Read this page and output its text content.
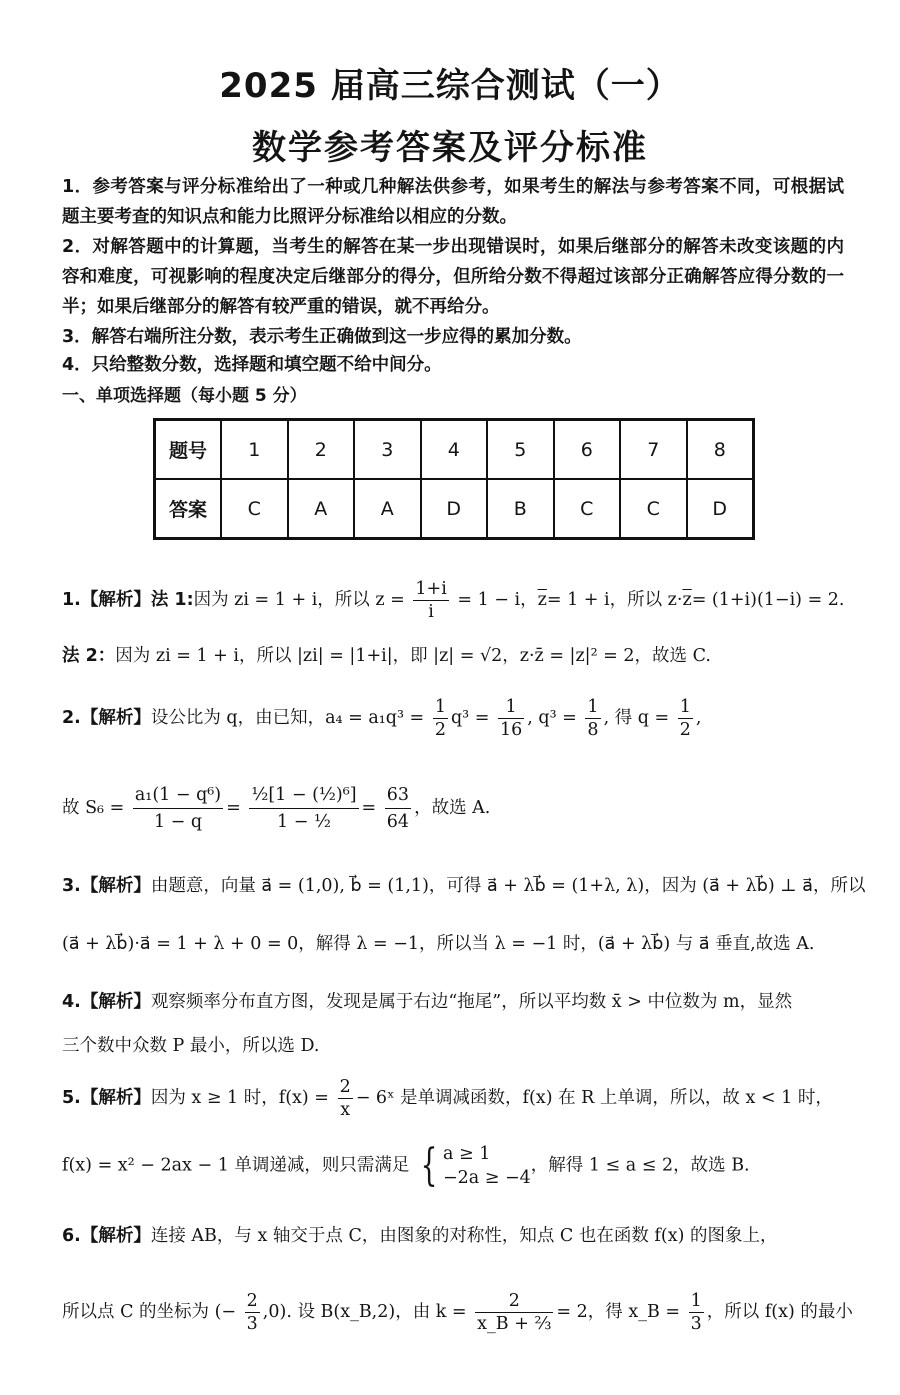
2025 届高三综合测试（一）
数学参考答案及评分标准
1．参考答案与评分标准给出了一种或几种解法供参考，如果考生的解法与参考答案不同，可根据试题主要考查的知识点和能力比照评分标准给以相应的分数。
2．对解答题中的计算题，当考生的解答在某一步出现错误时，如果后继部分的解答未改变该题的内容和难度，可视影响的程度决定后继部分的得分，但所给分数不得超过该部分正确解答应得分数的一半；如果后继部分的解答有较严重的错误，就不再给分。
3．解答右端所注分数，表示考生正确做到这一步应得的累加分数。
4．只给整数分数，选择题和填空题不给中间分。
一、单项选择题（每小题 5 分）
题号	1	2	3	4	5	6	7	8
答案	C	A	A	D	B	C	C	D
1.【解析】法 1:因为 zi = 1 + i，所以 $z = \frac{1+i}{i} = 1 - i$，$\overline{z}= 1 + i$，所以 $z\cdot\overline{z}= (1+i)(1-i) = 2$.
法 2：因为 zi = 1 + i，所以 |zi| = |1+i|，即 |z| = √2，z·z̄ = |z|² = 2，故选 C.
2.【解析】设公比为 q，由已知，$a_4 = a_1q^3 = \frac{1}{2} q^3 = \frac{1}{16}$ , $q^3 = \frac{1}{8}$ , 得 $q = \frac{1}{2}$ ,
故 $S_6 = \frac{\text{a₁(1 − q⁶)}}{1 - q} = \frac{\text{½[1 − (½)⁶]}}{\text{1 − ½}} = \frac{63}{64}$ ，故选 A.
3.【解析】由题意，向量 a⃗ = (1,0), b⃗ = (1,1)，可得 a⃗ + λb⃗ = (1+λ, λ)，因为 (a⃗ + λb⃗) ⊥ a⃗，所以
(a⃗ + λb⃗)·a⃗ = 1 + λ + 0 = 0，解得 λ = −1，所以当 λ = −1 时，(a⃗ + λb⃗) 与 a⃗ 垂直,故选 A.
4.【解析】观察频率分布直方图，发现是属于右边“拖尾”，所以平均数 x̄ > 中位数为 m，显然
三个数中众数 P 最小，所以选 D.
5.【解析】因为 x ≥ 1 时，$f(x) = \frac{2}{x}$ − 6ˣ 是单调减函数，f(x) 在 R 上单调，所以，故 x < 1 时，
f(x) = x² − 2ax − 1 单调递减，则只需满足 { a ≥ 1
−2a ≥ −4
，解得 1 ≤ a ≤ 2，故选 B.
6.【解析】连接 AB，与 x 轴交于点 C，由图象的对称性，知点 C 也在函数 f(x) 的图象上，
所以点 C 的坐标为 (− $\frac{2}{3} ,0$). 设 B(x_B,2)，由 $k = \frac{2}{\text{x\_B + ⅔}} = 2$，得 x_B = $\frac{1}{3}$ ，所以 f(x) 的最小
